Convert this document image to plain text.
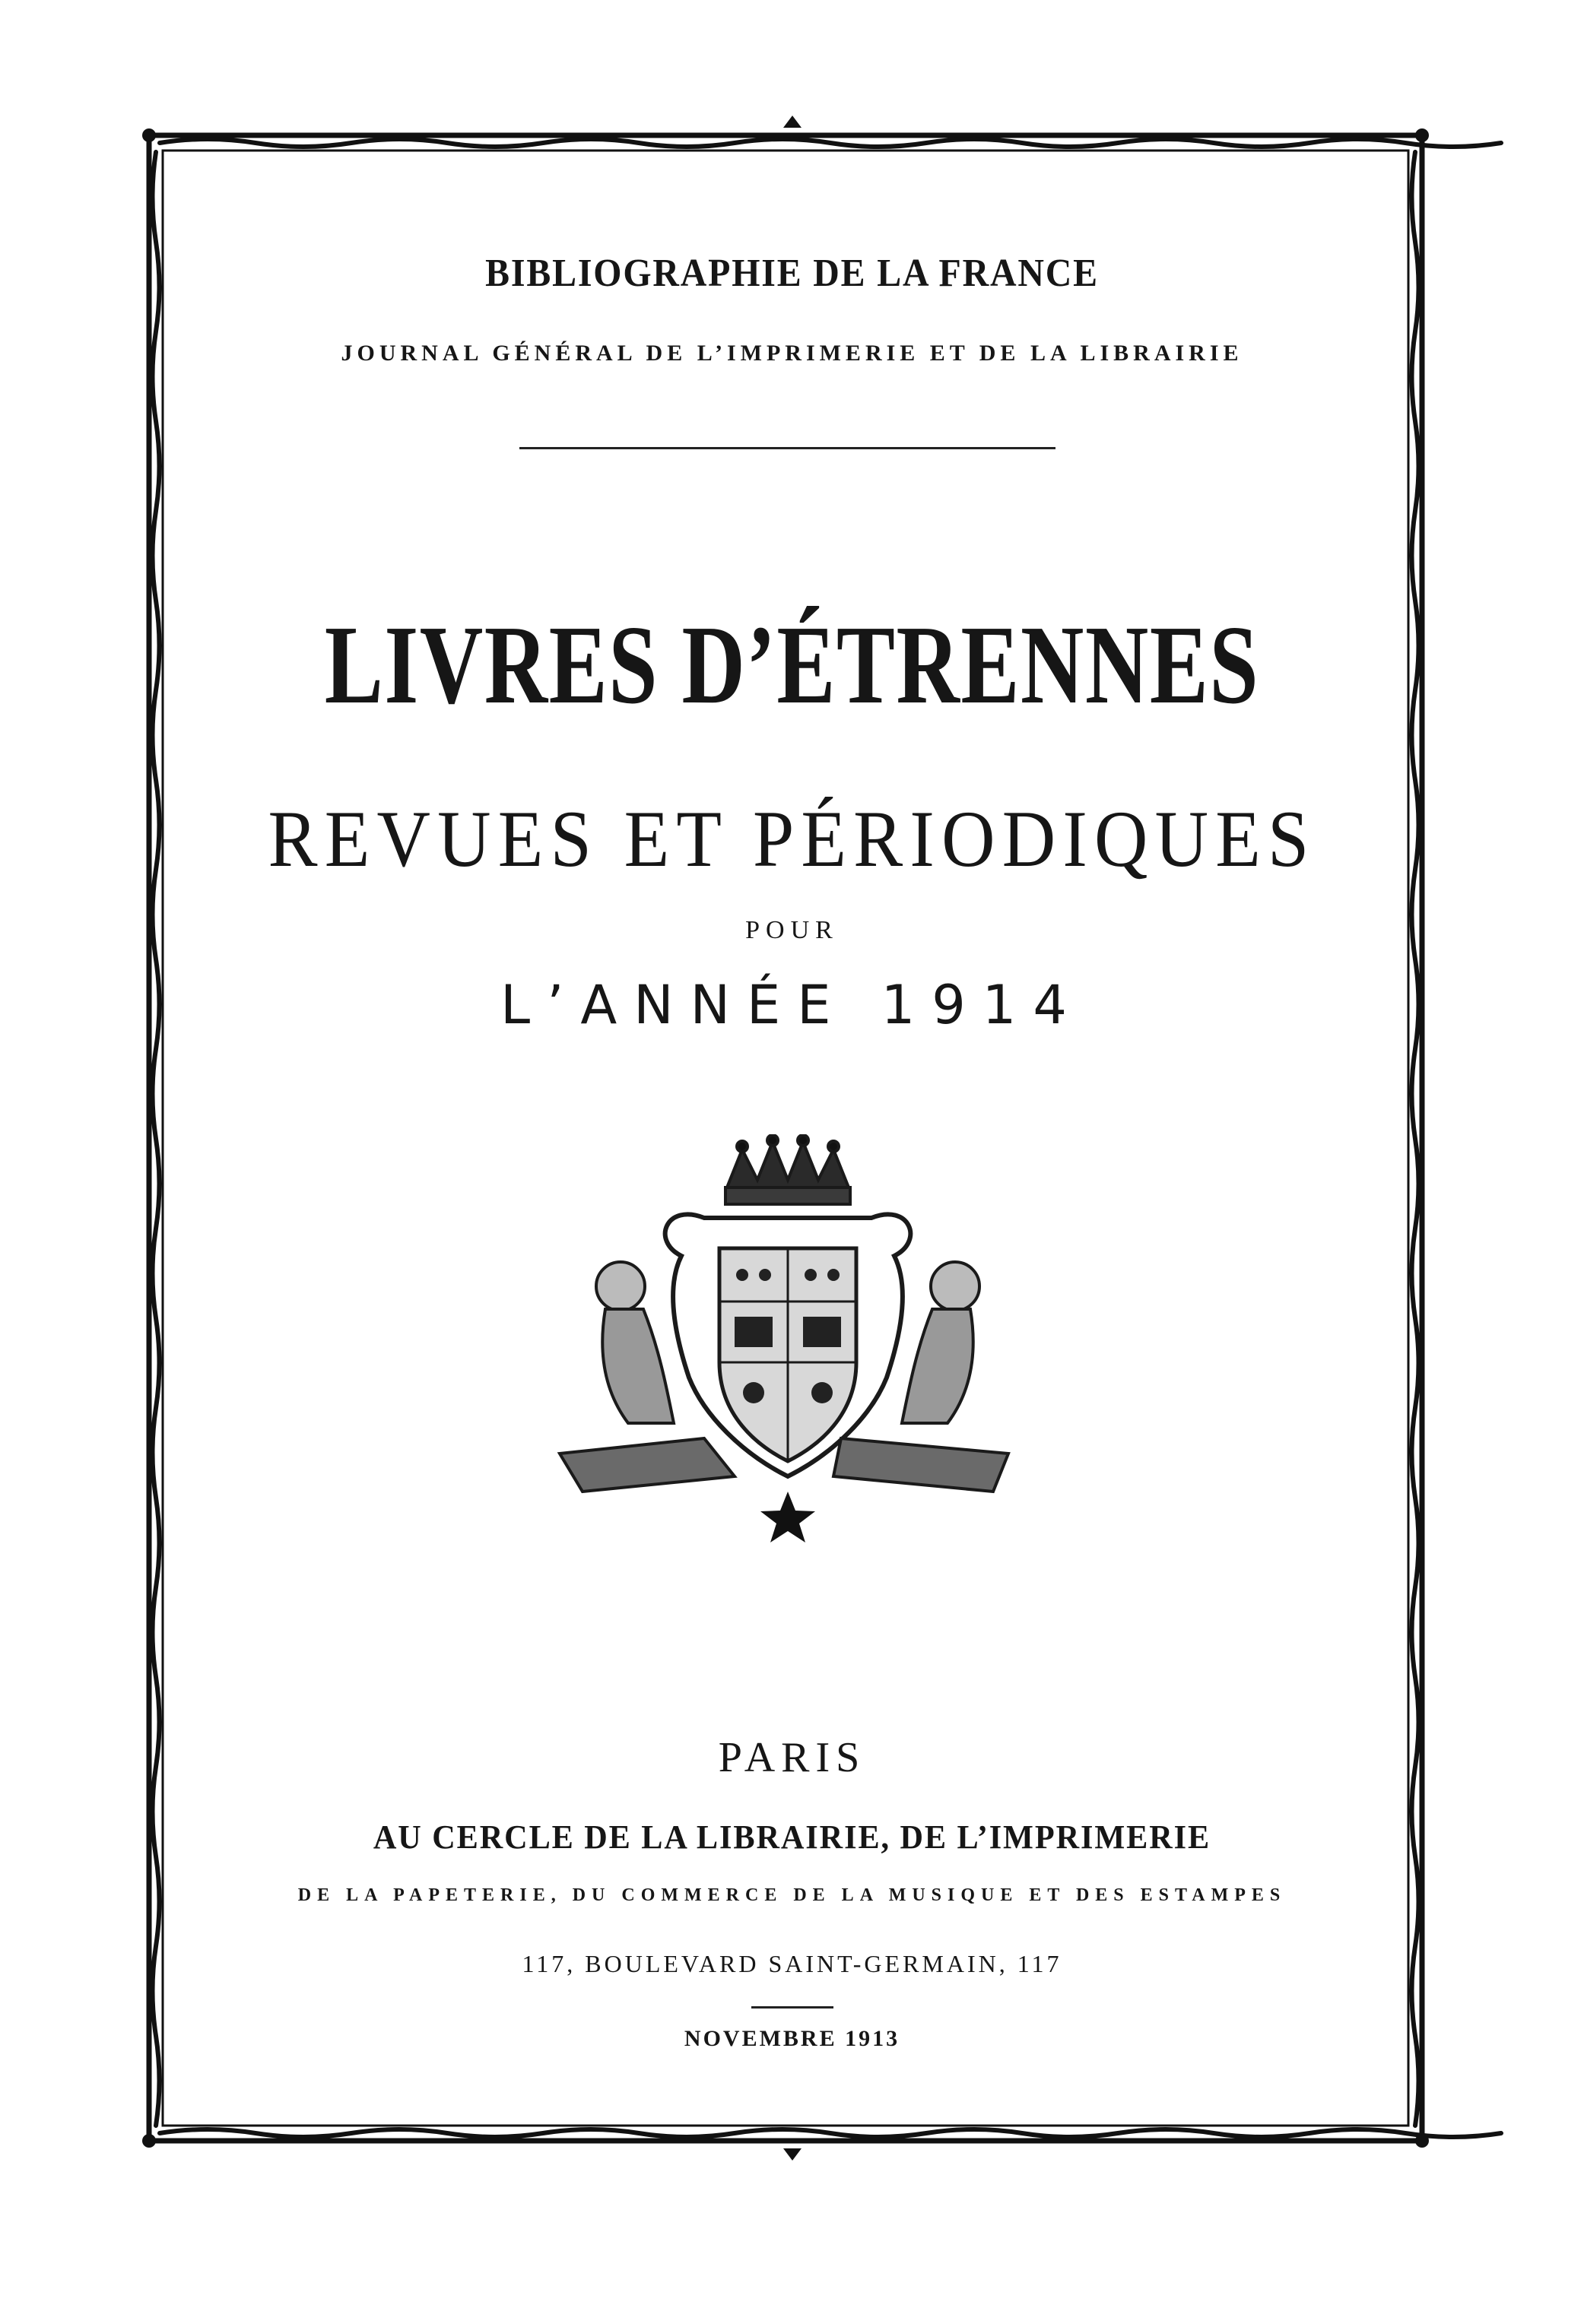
BIBLIOGRAPHIE DE LA FRANCE
JOURNAL GÉNÉRAL DE L’IMPRIMERIE ET DE LA LIBRAIRIE
LIVRES D’ÉTRENNES
REVUES ET PÉRIODIQUES
POUR
L’ANNÉE 1914
PARIS
AU CERCLE DE LA LIBRAIRIE, DE L’IMPRIMERIE
DE LA PAPETERIE, DU COMMERCE DE LA MUSIQUE ET DES ESTAMPES
117, BOULEVARD SAINT-GERMAIN, 117
NOVEMBRE 1913
